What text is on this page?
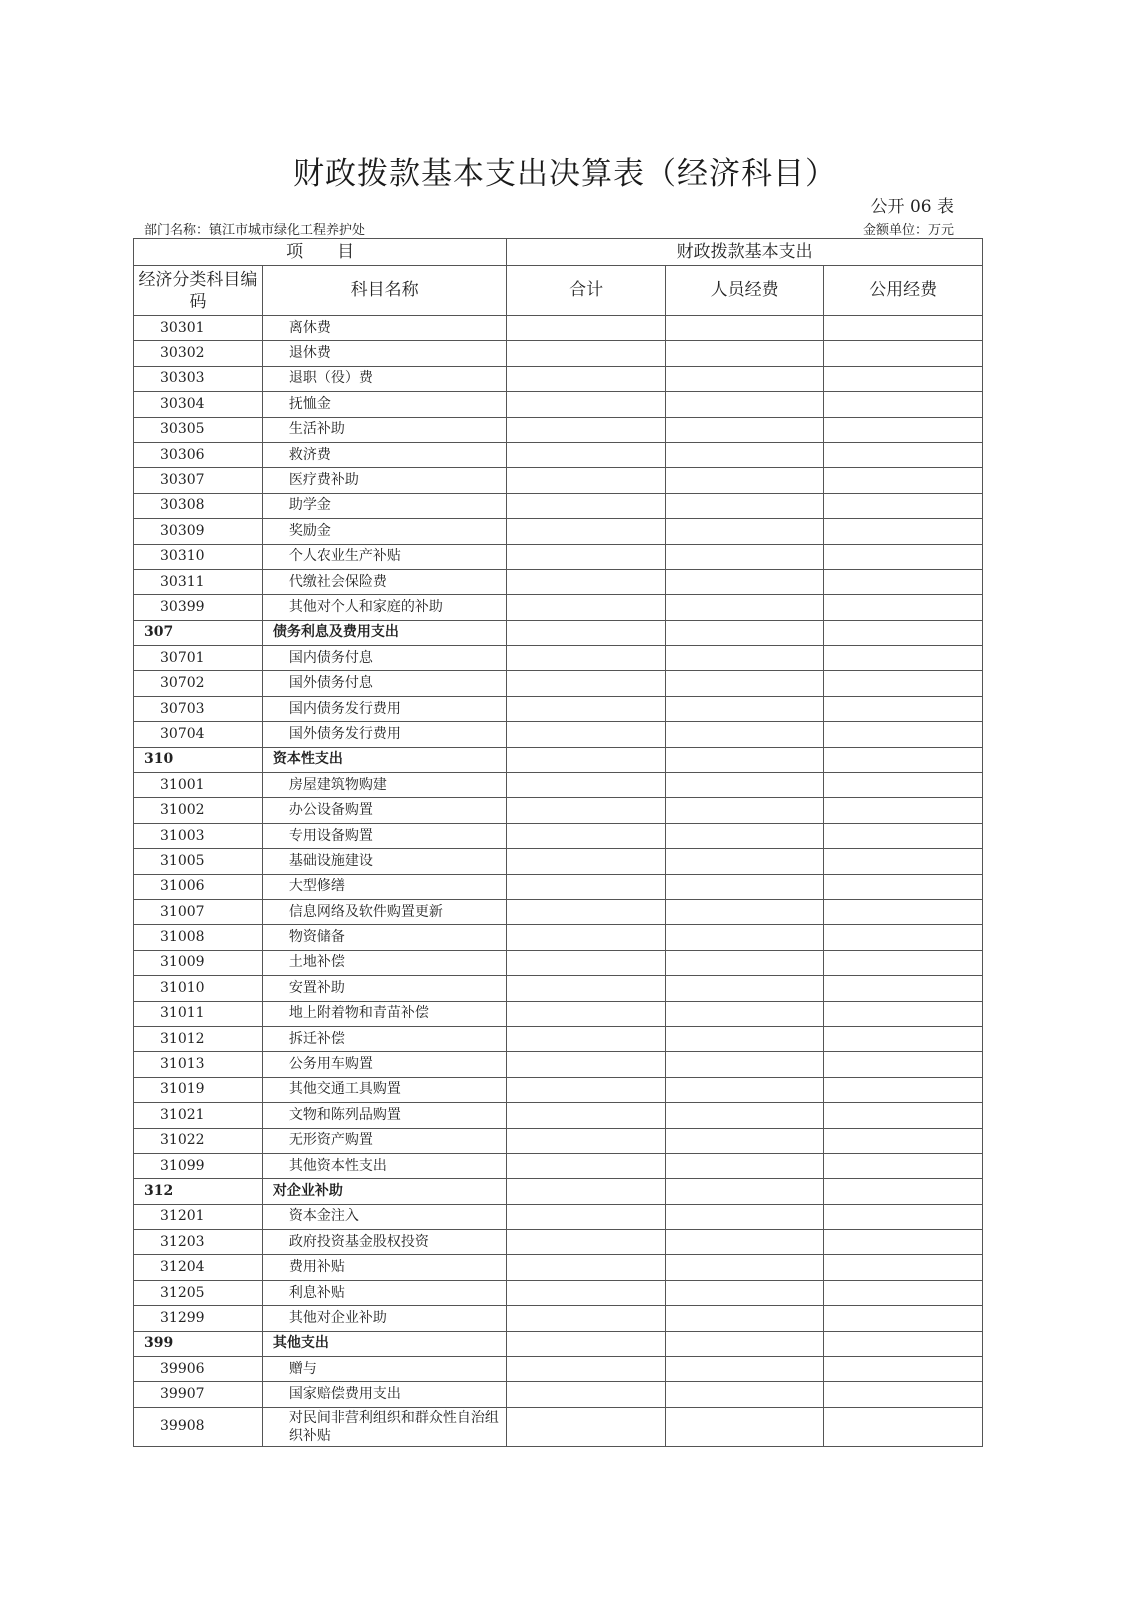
财政拨款基本支出决算表（经济科目）
公开 06 表
部门名称：镇江市城市绿化工程养护处	金额单位：万元
项　　目		财政拨款基本支出		
经济分类科目编码	科目名称	合计	人员经费	公用经费
30301	离休费			
30302	退休费			
30303	退职（役）费			
30304	抚恤金			
30305	生活补助			
30306	救济费			
30307	医疗费补助			
30308	助学金			
30309	奖励金			
30310	个人农业生产补贴			
30311	代缴社会保险费			
30399	其他对个人和家庭的补助			
307	债务利息及费用支出			
30701	国内债务付息			
30702	国外债务付息			
30703	国内债务发行费用			
30704	国外债务发行费用			
310	资本性支出			
31001	房屋建筑物购建			
31002	办公设备购置			
31003	专用设备购置			
31005	基础设施建设			
31006	大型修缮			
31007	信息网络及软件购置更新			
31008	物资储备			
31009	土地补偿			
31010	安置补助			
31011	地上附着物和青苗补偿			
31012	拆迁补偿			
31013	公务用车购置			
31019	其他交通工具购置			
31021	文物和陈列品购置			
31022	无形资产购置			
31099	其他资本性支出			
312	对企业补助			
31201	资本金注入			
31203	政府投资基金股权投资			
31204	费用补贴			
31205	利息补贴			
31299	其他对企业补助			
399	其他支出			
39906	赠与			
39907	国家赔偿费用支出			
39908	对民间非营利组织和群众性自治组织补贴			
